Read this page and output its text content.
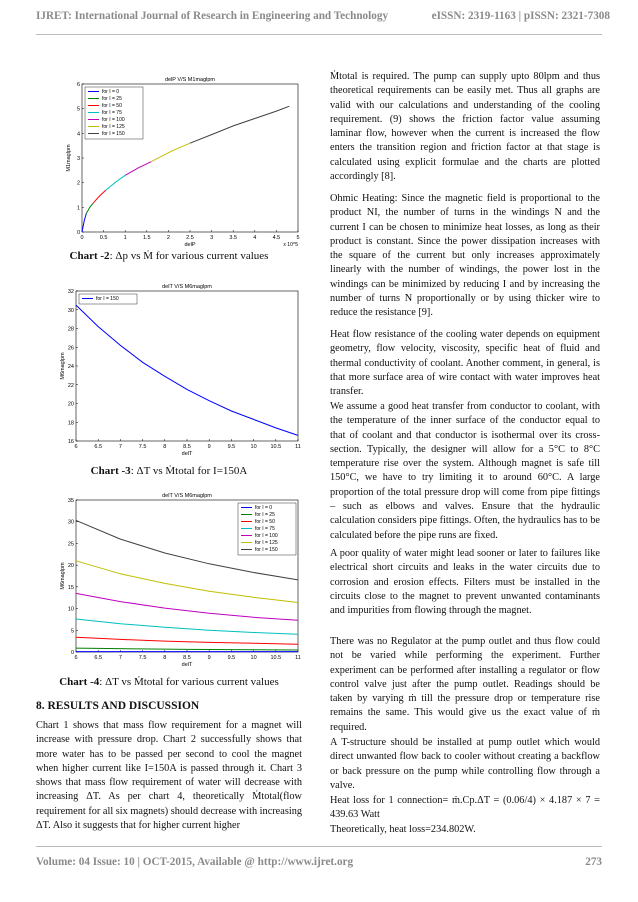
IJRET: International Journal of Research in Engineering and Technology	eISSN: 2319-1163 | pISSN: 2321-7308
delP V/S M1maglpm
0	0.5	1	1.5	2	2.5	3	3.5	4	4.5	5
0
1
2
3
4
5
6
delP
M1maglpm
x 10^5
for I = 0
for I = 25
for I = 50
for I = 75
for I = 100
for I = 125
for I = 150
Chart -2: Δp vs Ṁ for various current values
delT V/S M6maglpm
6	6.5	7	7.5	8	8.5	9	9.5	10	10.5	11
16
18
20
22
24
26
28
30
32
delT
M6maglpm
for I = 150
Chart -3: ΔT vs Ṁtotal for I=150A
delT V/S M6maglpm
6	6.5	7	7.5	8	8.5	9	9.5	10	10.5	11
0
5
10
15
20
25
30
35
delT
M6maglpm
for I = 0
for I = 25
for I = 50
for I = 75
for I = 100
for I = 125
for I = 150
Chart -4: ΔT vs Ṁtotal for various current values
8. RESULTS AND DISCUSSION
Chart 1 shows that mass flow requirement for a magnet will increase with pressure drop. Chart 2 successfully shows that more water has to be passed per second to cool the magnet when higher current like I=150A is passed through it. Chart 3 shows that mass flow requirement of water will decrease with increasing ΔT. As per chart 4, theoretically Ṁtotal(flow requirement for all six magnets) should decrease with increasing ΔT. Also it suggests that for higher current higher
Ṁtotal is required. The pump can supply upto 80lpm and thus theoretical requirements can be easily met. Thus all graphs are valid with our calculations and understanding of the cooling requirement. (9) shows the friction factor value assuming laminar flow, however when the current is increased the flow enters the transition region and friction factor at that stage is calculated using explicit formulae and the charts are plotted accordingly [8].
Ohmic Heating: Since the magnetic field is proportional to the product NI, the number of turns in the windings N and the current I can be chosen to minimize heat losses, as long as their product is constant. Since the power dissipation increases with the square of the current but only increases approximately linearly with the number of windings, the power lost in the windings can be minimized by reducing I and by increasing the number of turns N proportionally or by using thicker wire to reduce the resistance [9].
Heat flow resistance of the cooling water depends on equipment geometry, flow velocity, viscosity, specific heat of fluid and thermal conductivity of coolant. Another comment, in general, is that more surface area of wire contact with water improves heat transfer.
We assume a good heat transfer from conductor to coolant, with the temperature of the inner surface of the conductor equal to that of coolant and that conductor is isothermal over its cross-section. Typically, the designer will allow for a 5°C to 8°C temperature rise over the system. Although magnet is safe till 150°C, we have to try limiting it to around 60°C. A large proportion of the total pressure drop will come from pipe fittings – such as elbows and valves. Ensure that the hydraulic calculation considers pipe fittings. Often, the hydraulics has to be calculated before the pipe runs are fixed.
A poor quality of water might lead sooner or later to failures like electrical short circuits and leaks in the water circuits due to corrosion and erosion effects. Filters must be installed in the circuits close to the magnet to prevent unwanted contaminants and impurities from flowing through the magnet.
There was no Regulator at the pump outlet and thus flow could not be varied while performing the experiment. Further experiment can be performed after installing a regulator or flow control valve just after the pump outlet. Readings should be taken by varying ṁ till the pressure drop or temperature rise remains the same. This would give us the exact value of ṁ required.
A T-structure should be installed at pump outlet which would direct unwanted flow back to cooler without creating a backflow or back pressure on the pump while controlling flow through a valve.
Heat loss for 1 connection= ṁ.Cp.ΔT = (0.06/4) × 4.187 × 7 = 439.63 Watt
Theoretically, heat loss=234.802W.
Volume: 04 Issue: 10 | OCT-2015, Available @ http://www.ijret.org	273
